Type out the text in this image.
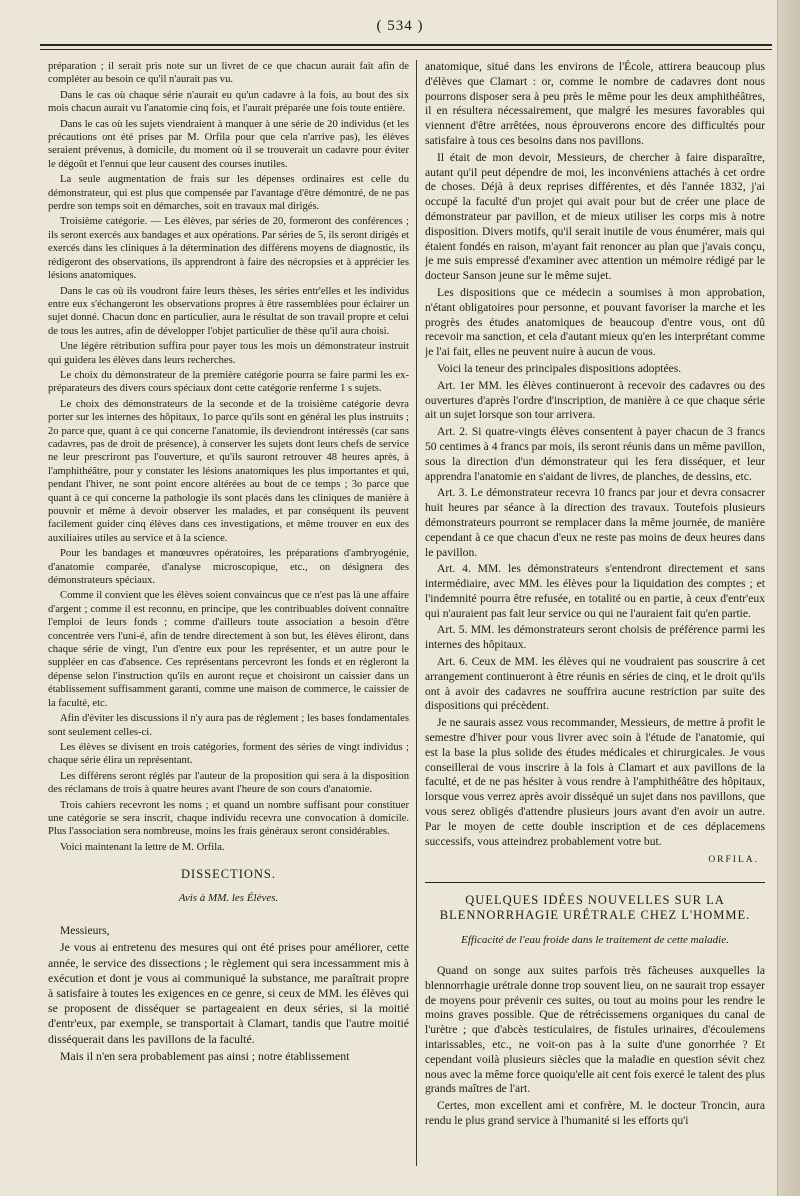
( 534 )

préparation ; il serait pris note sur un livret de ce que chacun aurait fait afin de compléter au besoin ce qu'il n'aurait pas vu.

Dans le cas où chaque série n'aurait eu qu'un cadavre à la fois, au bout des six mois chacun aurait vu l'anatomie cinq fois, et l'aurait préparée une fois toute entière.

Dans le cas où les sujets viendraient à manquer à une série de 20 individus (et les précautions ont été prises par M. Orfila pour que cela n'arrive pas), les élèves seraient prévenus, à domicile, du moment où il se trouverait un cadavre pour éviter le dégoût et l'ennui que leur causent des courses inutiles.

La seule augmentation de frais sur les dépenses ordinaires est celle du démonstrateur, qui est plus que compensée par l'avantage d'être démontré, de ne pas perdre son temps soit en démarches, soit en travaux mal dirigés.

Troisième catégorie. — Les élèves, par séries de 20, formeront des conférences ; ils seront exercés aux bandages et aux opérations. Par séries de 5, ils seront dirigés et exercés dans les cliniques à la détermination des différens moyens de diagnostic, ils rédigeront des observations, ils apprendront à faire des nécropsies et à apprécier les lésions anatomiques.

Dans le cas où ils voudront faire leurs thèses, les séries entr'elles et les individus entre eux s'échangeront les observations propres à être rassemblées pour éclairer un sujet donné. Chacun donc en particulier, aura le résultat de son travail propre et celui de tous les autres, afin de développer l'objet particulier de thèse qu'il aura choisi.

Une légère rétribution suffira pour payer tous les mois un démonstrateur instruit qui guidera les élèves dans leurs recherches.

Le choix du démonstrateur de la première catégorie pourra se faire parmi les ex-préparateurs des divers cours spéciaux dont cette catégorie renferme 1 s sujets.

Le choix des démonstrateurs de la seconde et de la troisième catégorie devra porter sur les internes des hôpitaux, 1o parce qu'ils sont en général les plus instruits ; 2o parce que, quant à ce qui concerne l'anatomie, ils deviendront intéressés (car sans cadavres, pas de droit de présence), à conserver les sujets dont leurs chefs de service ne leur prescriront pas l'ouverture, et qu'ils sauront retrouver 48 heures après, à l'amphithéâtre, pour y constater les lésions anatomiques les plus importantes et qui, pendant l'hiver, ne sont point encore altérées au bout de ce temps ; 3o parce que quant à ce qui concerne la pathologie ils sont placés dans les cliniques de manière à pouvoir et même à devoir observer les malades, et par conséquent ils peuvent facilement guider cinq élèves dans ces investigations, et même trouver en eux des auxiliaires utiles au service et à la science.

Pour les bandages et manœuvres opératoires, les préparations d'ambryogénie, d'anatomie comparée, d'analyse microscopique, etc., on désignera des démonstrateurs spéciaux.

Comme il convient que les élèves soient convaincus que ce n'est pas là une affaire d'argent ; comme il est reconnu, en principe, que les contribuables doivent connaître l'emploi de leurs fonds ; comme d'ailleurs toute association a besoin d'être concentrée vers l'uni-é, afin de tendre directement à son but, les élèves éliront, dans chaque série de vingt, l'un d'entre eux pour les représenter, et un autre pour le suppléer en cas d'absence. Ces représentans percevront les fonds et en règleront la dépense selon l'instruction qu'ils en auront reçue et choisiront un caissier dans un établissement suffisamment garanti, comme une maison de commerce, le caissier de la faculté, etc.

Afin d'éviter les discussions il n'y aura pas de règlement ; les bases fondamentales sont seulement celles-ci.

Les élèves se divisent en trois catégories, forment des séries de vingt individus ; chaque série élira un représentant.

Les différens seront réglés par l'auteur de la proposition qui sera à la disposition des réclamans de trois à quatre heures avant l'heure de son cours d'anatomie.

Trois cahiers recevront les noms ; et quand un nombre suffisant pour constituer une catégorie se sera inscrit, chaque individu recevra une convocation à domicile. Plus l'association sera nombreuse, moins les frais généraux seront considérables.

Voici maintenant la lettre de M. Orfila.

DISSECTIONS.
Avis à MM. les Élèves.

Messieurs,

Je vous ai entretenu des mesures qui ont été prises pour améliorer, cette année, le service des dissections ; le règlement qui sera incessamment mis à exécution et dont je vous ai communiqué la substance, me paraîtrait propre à satisfaire à toutes les exigences en ce genre, si ceux de MM. les élèves qui se proposent de disséquer se partageaient en deux séries, si la moitié d'entr'eux, par exemple, se transportait à Clamart, tandis que l'autre moitié disséquerait dans les pavillons de la faculté.

Mais il n'en sera probablement pas ainsi ; notre établissement

anatomique, situé dans les environs de l'École, attirera beaucoup plus d'élèves que Clamart : or, comme le nombre de cadavres dont nous pourrons disposer sera à peu près le même pour les deux amphithéâtres, il en résultera nécessairement, que malgré les mesures favorables qui viennent d'être arrêtées, nous éprouverons encore des difficultés pour satisfaire à tous ces besoins dans nos pavillons.

Il était de mon devoir, Messieurs, de chercher à faire disparaître, autant qu'il peut dépendre de moi, les inconvéniens attachés à cet ordre de choses. Déjà à deux reprises différentes, et dès l'année 1832, j'ai occupé la faculté d'un projet qui avait pour but de créer une place de démonstrateur par pavillon, et de mieux utiliser les corps mis à notre disposition. Divers motifs, qu'il serait inutile de vous énumérer, mais qui étaient fondés en raison, m'ayant fait renoncer au plan que j'avais conçu, je me suis empressé d'examiner avec attention un mémoire rédigé par le docteur Sanson jeune sur le même sujet.

Les dispositions que ce médecin a soumises à mon approbation, n'étant obligatoires pour personne, et pouvant favoriser la marche et les progrès des études anatomiques de beaucoup d'entre vous, ont dû recevoir ma sanction, et cela d'autant mieux qu'en les interprétant comme je l'ai fait, elles ne peuvent nuire à aucun de vous.

Voici la teneur des principales dispositions adoptées.

Art. 1er MM. les élèves continueront à recevoir des cadavres ou des ouvertures d'après l'ordre d'inscription, de manière à ce que chaque série ait un sujet lorsque son tour arrivera.

Art. 2. Si quatre-vingts élèves consentent à payer chacun de 3 francs 50 centimes à 4 francs par mois, ils seront réunis dans un même pavillon, sous la direction d'un démonstrateur qui les fera disséquer, et leur apprendra l'anatomie en s'aidant de livres, de planches, de dessins, etc.

Art. 3. Le démonstrateur recevra 10 francs par jour et devra consacrer huit heures par séance à la direction des travaux. Toutefois plusieurs démonstrateurs pourront se remplacer dans la même journée, de manière cependant à ce que chacun d'eux ne reste pas moins de deux heures dans le pavillon.

Art. 4. MM. les démonstrateurs s'entendront directement et sans intermédiaire, avec MM. les élèves pour la liquidation des comptes ; et l'indemnité pourra être refusée, en totalité ou en partie, à ceux d'entr'eux qui n'auraient pas fait leur service ou qui ne l'auraient fait qu'en partie.

Art. 5. MM. les démonstrateurs seront choisis de préférence parmi les internes des hôpitaux.

Art. 6. Ceux de MM. les élèves qui ne voudraient pas souscrire à cet arrangement continueront à être réunis en séries de cinq, et le droit qu'ils ont à avoir des cadavres ne souffrira aucune restriction par suite des dispositions qui précèdent.

Je ne saurais assez vous recommander, Messieurs, de mettre à profit le semestre d'hiver pour vous livrer avec soin à l'étude de l'anatomie, qui est la base la plus solide des études médicales et chirurgicales. Je vous conseillerai de vous inscrire à la fois à Clamart et aux pavillons de la faculté, et de ne pas hésiter à vous rendre à l'amphithéâtre des hôpitaux, lorsque vous verrez après avoir disséqué un sujet dans nos pavillons, que vous serez obligés d'attendre plusieurs jours avant d'en avoir un autre. Par le moyen de cette double inscription et de ces déplacemens successifs, vous atteindrez probablement votre but.

ORFILA.
QUELQUES IDÉES NOUVELLES SUR LA BLENNORRHAGIE URÉTRALE CHEZ L'HOMME.
Efficacité de l'eau froide dans le traitement de cette maladie.

Quand on songe aux suites parfois très fâcheuses auxquelles la blennorrhagie urétrale donne trop souvent lieu, on ne saurait trop essayer de moyens pour prévenir ces suites, ou tout au moins pour les rendre le moins graves possible. Que de rétrécissemens organiques du canal de l'urètre ; que d'abcès testiculaires, de fistules urinaires, d'écoulemens intarissables, etc., ne voit-on pas à la suite d'une gonorrhée ? Et cependant voilà plusieurs siècles que la maladie en question sévit chez nous avec la même force quoiqu'elle ait cent fois exercé le talent des plus grands maîtres de l'art.

Certes, mon excellent ami et confrère, M. le docteur Troncin, aura rendu le plus grand service à l'humanité si les efforts qu'i
